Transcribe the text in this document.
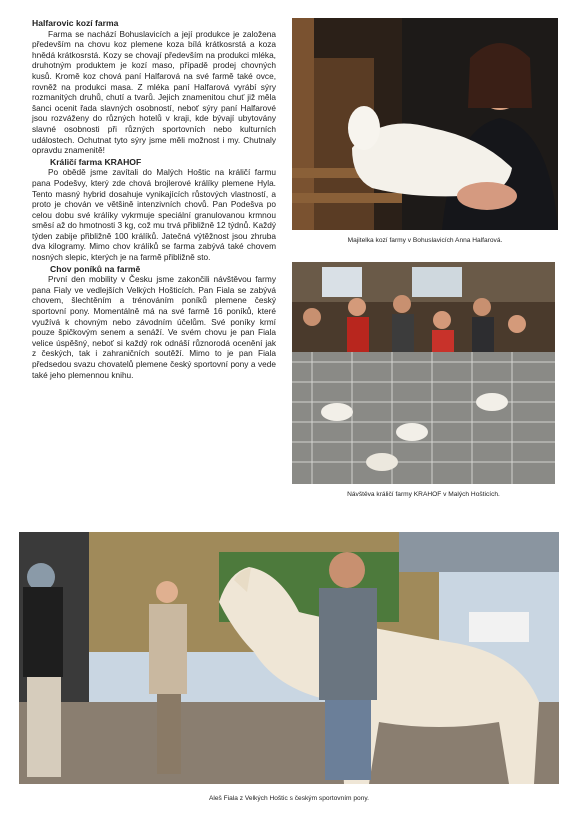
Halfarovic kozí farma

Farma se nachází Bohuslavicích a její produkce je založena především na chovu koz plemene koza bílá krátkosrstá a koza hnědá krátkosrstá. Kozy se chovají především na produkci mléka, druhotným produktem je kozí maso, případě prodej chovných kusů. Kromě koz chová paní Halfarová na své farmě také ovce, rovněž na produkci masa. Z mléka paní Halfarová vyrábí sýry rozmanitých druhů, chutí a tvarů. Jejich znamenitou chuť již měla šanci ocenit řada slavných osobností, neboť sýry paní Halfarové jsou rozváženy do různých hotelů v kraji, kde bývají ubytovány slavné osobnosti při různých sportovních nebo kulturních událostech. Ochutnat tyto sýry jsme měli možnost i my. Chutnaly opravdu znamenitě!

Králičí farma KRAHOF

Po obědě jsme zavítali do Malých Hoštic na králičí farmu pana Podešvy, který zde chová brojlerové králíky plemene Hyla. Tento masný hybrid dosahuje vynikajících růstových vlastností, a proto je chován ve většině intenzivních chovů. Pan Podešva po celou dobu své králíky vykrmuje speciální granulovanou krmnou směsí až do hmotnosti 3 kg, což mu trvá přibližně 12 týdnů. Každý týden zabije přibližně 100 králíků. Jatečná výtěžnost jsou zhruba dva kilogramy. Mimo chov králíků se farma zabývá také chovem nosných slepic, kterých je na farmě přibližně sto.

Chov poníků na farmě

První den mobility v Česku jsme zakončili návštěvou farmy pana Fialy ve vedlejších Velkých Hošticích. Pan Fiala se zabývá chovem, šlechtěním a trénováním poníků plemene český sportovní pony. Momentálně má na své farmě 16 poníků, které využívá k chovným nebo závodním účelům. Své poníky krmí pouze špičkovým senem a senáží. Ve svém chovu je pan Fiala velice úspěšný, neboť si každý rok odnáší různorodá ocenění jak z českých, tak i zahraničních soutěží. Mimo to je pan Fiala předsedou svazu chovatelů plemene český sportovní pony a vede také jeho plemennou knihu.

Majitelka kozí farmy v Bohuslavicích Anna Halfarová.
Návštěva králičí farmy KRAHOF v Malých Hošticích.
Aleš Fiala z Velkých Hoštic s českým sportovním pony.
